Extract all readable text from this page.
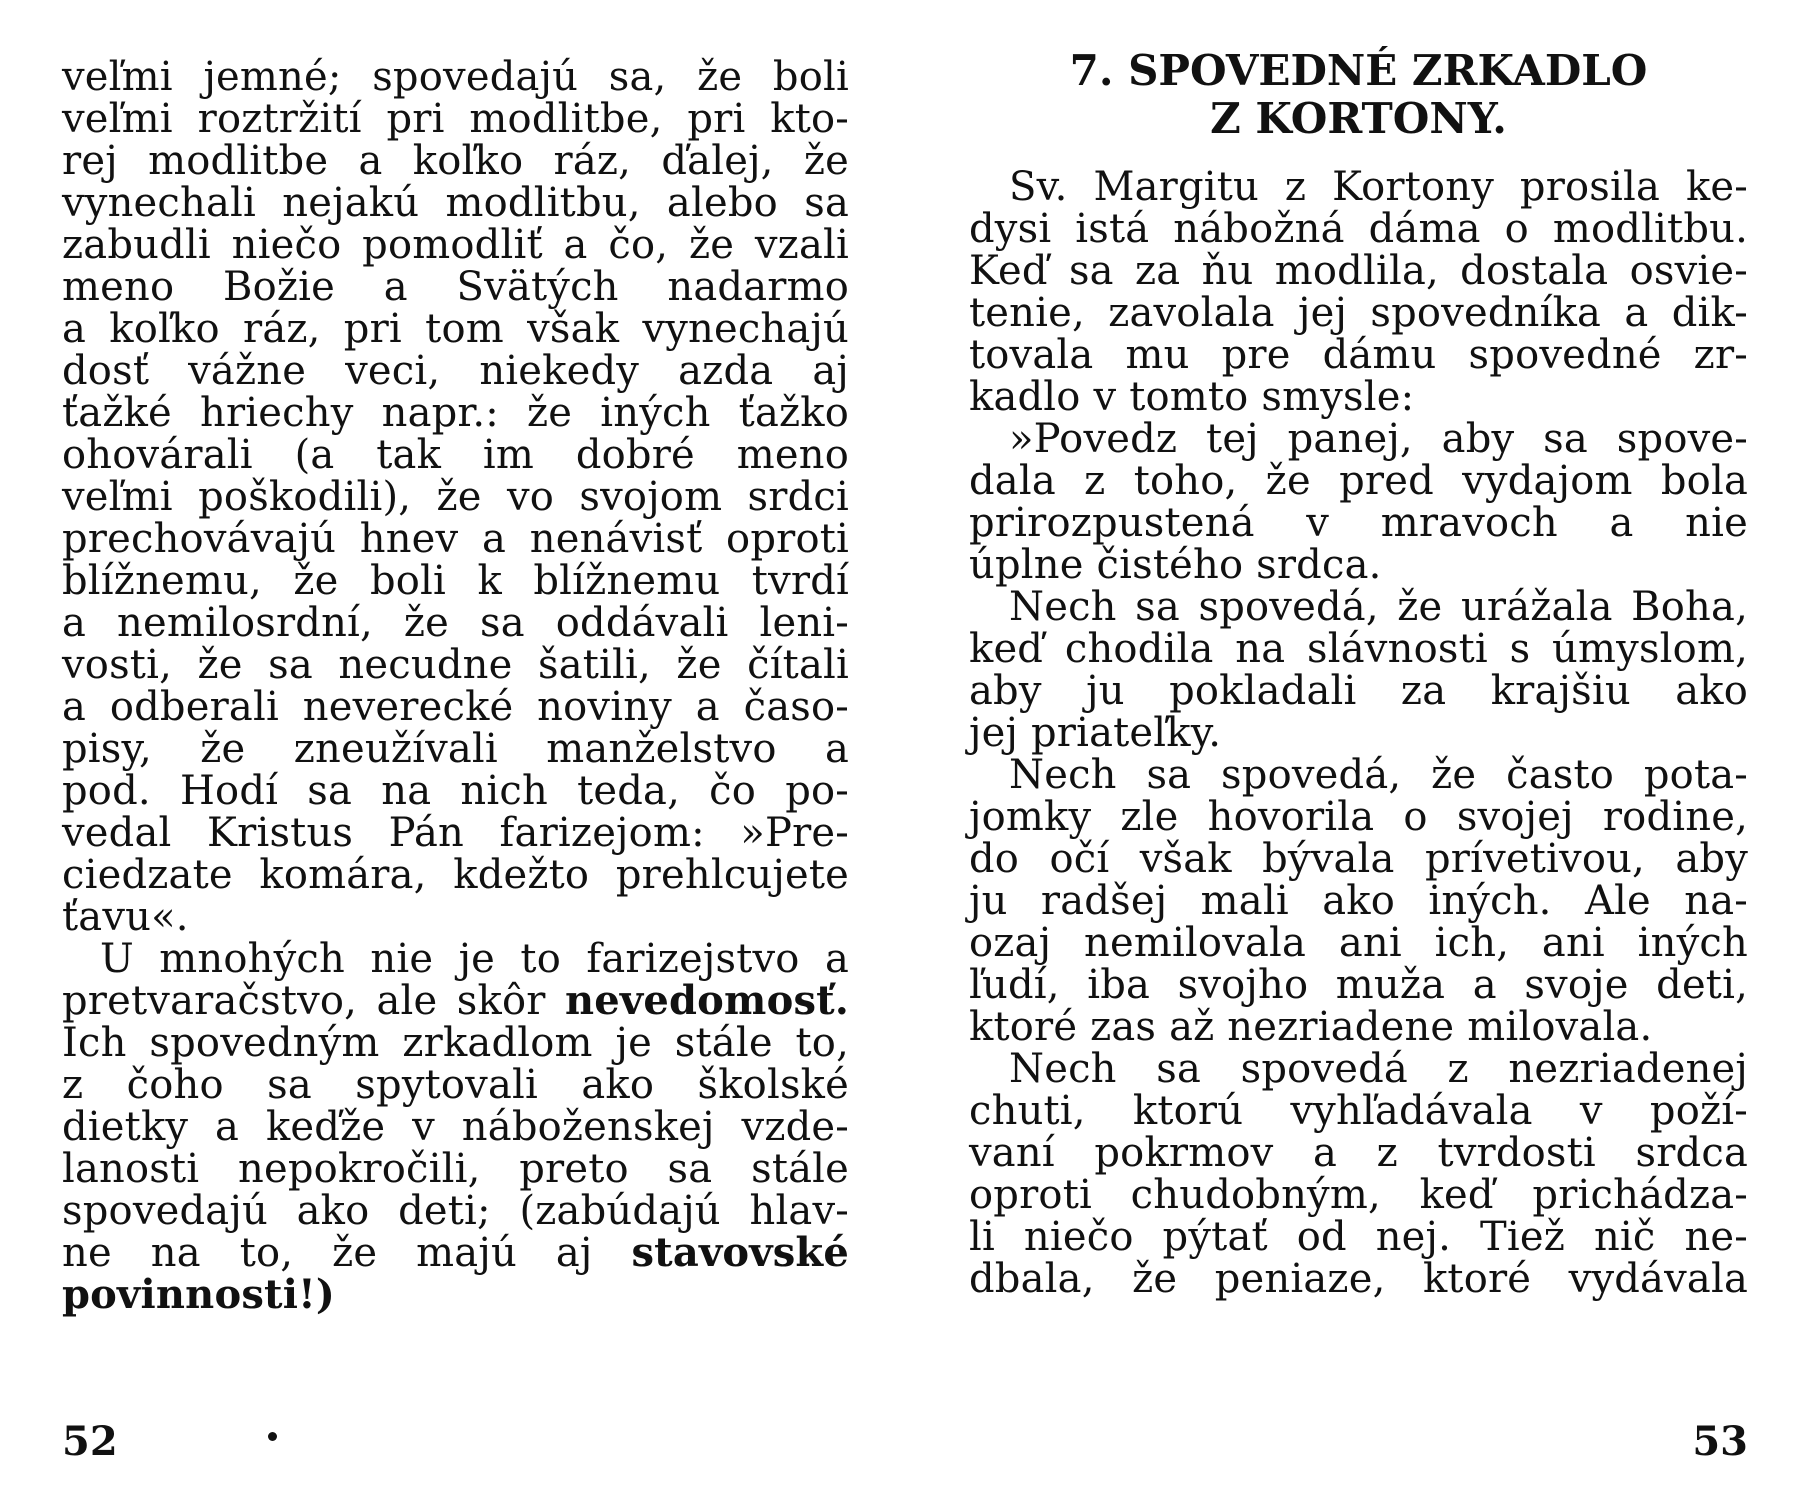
veľmi jemné; spovedajú sa, že boli
veľmi roztržití pri modlitbe, pri kto-
rej modlitbe a koľko ráz, ďalej, že
vynechali nejakú modlitbu, alebo sa
zabudli niečo pomodliť a čo, že vzali
meno Božie a Svätých nadarmo
a koľko ráz, pri tom však vynechajú
dosť vážne veci, niekedy azda aj
ťažké hriechy napr.: že iných ťažko
ohovárali (a tak im dobré meno
veľmi poškodili), že vo svojom srdci
prechovávajú hnev a nenávisť oproti
blížnemu, že boli k blížnemu tvrdí
a nemilosrdní, že sa oddávali leni-
vosti, že sa necudne šatili, že čítali
a odberali neverecké noviny a časo-
pisy, že zneužívali manželstvo a
pod. Hodí sa na nich teda, čo po-
vedal Kristus Pán farizejom: »Pre-
ciedzate komára, kdežto prehlcujete
ťavu«.
U mnohých nie je to farizejstvo a
pretvaračstvo, ale skôr nevedomosť.
Ich spovedným zrkadlom je stále to,
z čoho sa spytovali ako školské
dietky a keďže v náboženskej vzde-
lanosti nepokročili, preto sa stále
spovedajú ako deti; (zabúdajú hlav-
ne na to, že majú aj stavovské
povinnosti!)
52
7. SPOVEDNÉ ZRKADLO
Z KORTONY.
Sv. Margitu z Kortony prosila ke-
dysi istá nábožná dáma o modlitbu.
Keď sa za ňu modlila, dostala osvie-
tenie, zavolala jej spovedníka a dik-
tovala mu pre dámu spovedné zr-
kadlo v tomto smysle:
»Povedz tej panej, aby sa spove-
dala z toho, že pred vydajom bola
prirozpustená v mravoch a nie
úplne čistého srdca.
Nech sa spovedá, že urážala Boha,
keď chodila na slávnosti s úmyslom,
aby ju pokladali za krajšiu ako
jej priateľky.
Nech sa spovedá, že často pota-
jomky zle hovorila o svojej rodine,
do očí však bývala prívetivou, aby
ju radšej mali ako iných. Ale na-
ozaj nemilovala ani ich, ani iných
ľudí, iba svojho muža a svoje deti,
ktoré zas až nezriadene milovala.
Nech sa spovedá z nezriadenej
chuti, ktorú vyhľadávala v poží-
vaní pokrmov a z tvrdosti srdca
oproti chudobným, keď prichádza-
li niečo pýtať od nej. Tiež nič ne-
dbala, že peniaze, ktoré vydávala
53
